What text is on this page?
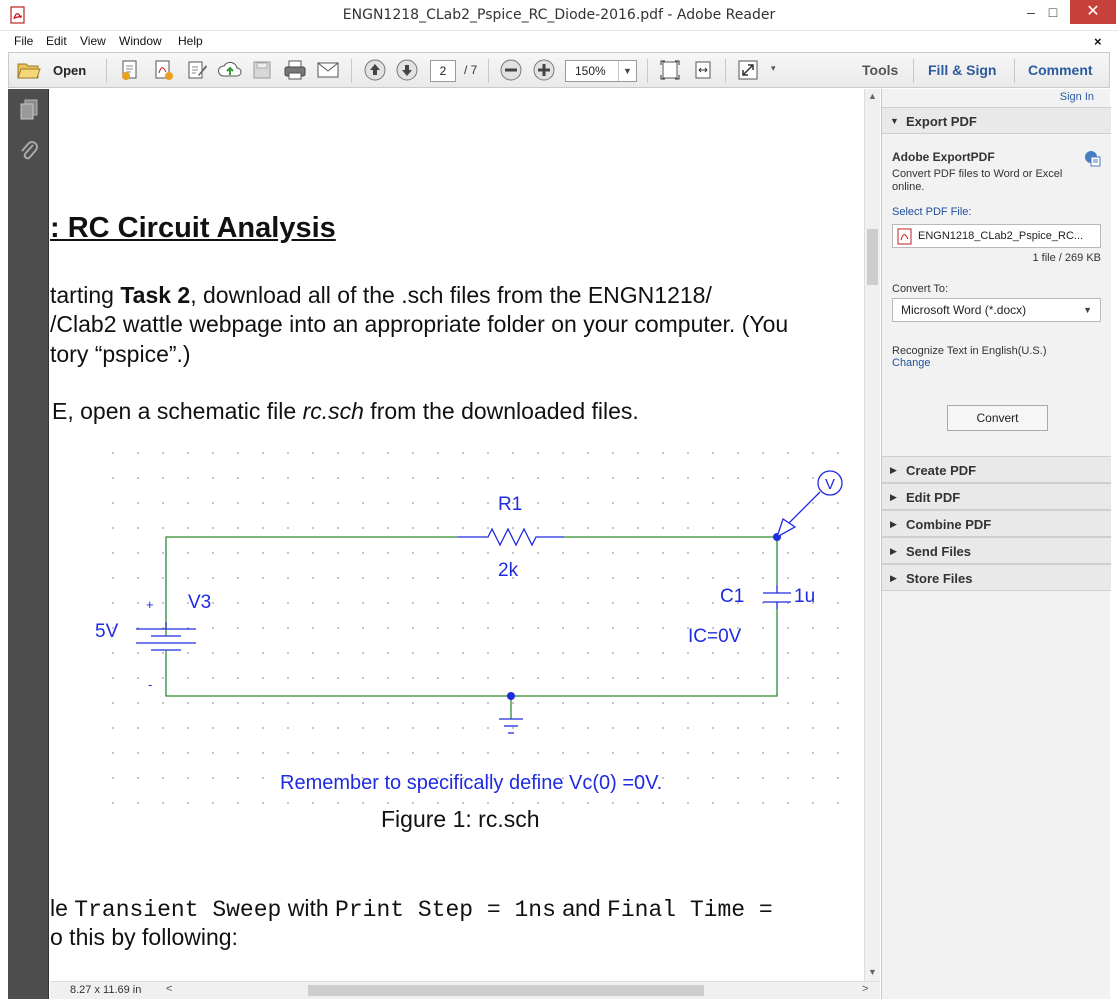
ENGN1218_CLab2_Pspice_RC_Diode-2016.pdf - Adobe Reader	– □	✕
File Edit View Window Help	×
Open	2	/ 7	150%	▼	▾	Tools Fill & Sign Comment
: RC Circuit Analysis
tarting Task 2, download all of the .sch files from the ENGN1218/
/Clab2 wattle webpage into an appropriate folder on your computer. (You
tory “pspice”.)
E, open a schematic file rc.sch from the downloaded files.
V
R1
2k
V3
5V
+
-
C1	1u
IC=0V
Remember to specifically define Vc(0) =0V.
Figure 1: rc.sch
le Transient Sweep with Print Step = 1ns and Final Time =
o this by following:
▲
▼
8.27 x 11.69 in <	>
Sign In
▼ Export PDF
Adobe ExportPDF
Convert PDF files to Word or Excel online.
Select PDF File:
ENGN1218_CLab2_Pspice_RC...
1 file / 269 KB
Convert To:
Microsoft Word (*.docx)	▼
Recognize Text in English(U.S.)
Change
Convert
▶ Create PDF
▶ Edit PDF
▶ Combine PDF
▶ Send Files
▶ Store Files
